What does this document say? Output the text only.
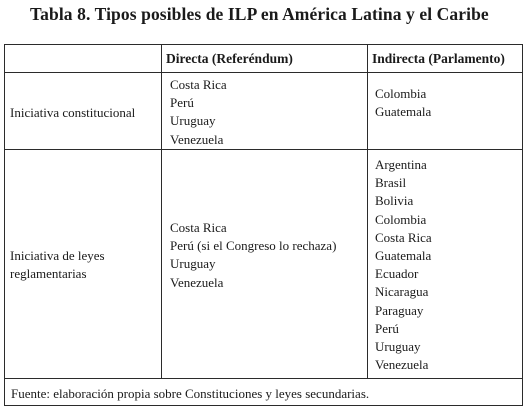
Tabla 8. Tipos posibles de ILP en América Latina y el Caribe
Directa (Referéndum)	Indirecta (Parlamento)
Iniciativa constitucional
Costa Rica
Perú
Uruguay
Venezuela
Colombia
Guatemala
Iniciativa de leyes reglamentarias
Costa Rica
Perú (si el Congreso lo rechaza)
Uruguay
Venezuela
Argentina
Brasil
Bolivia
Colombia
Costa Rica
Guatemala
Ecuador
Nicaragua
Paraguay
Perú
Uruguay
Venezuela
Fuente: elaboración propia sobre Constituciones y leyes secundarias.
